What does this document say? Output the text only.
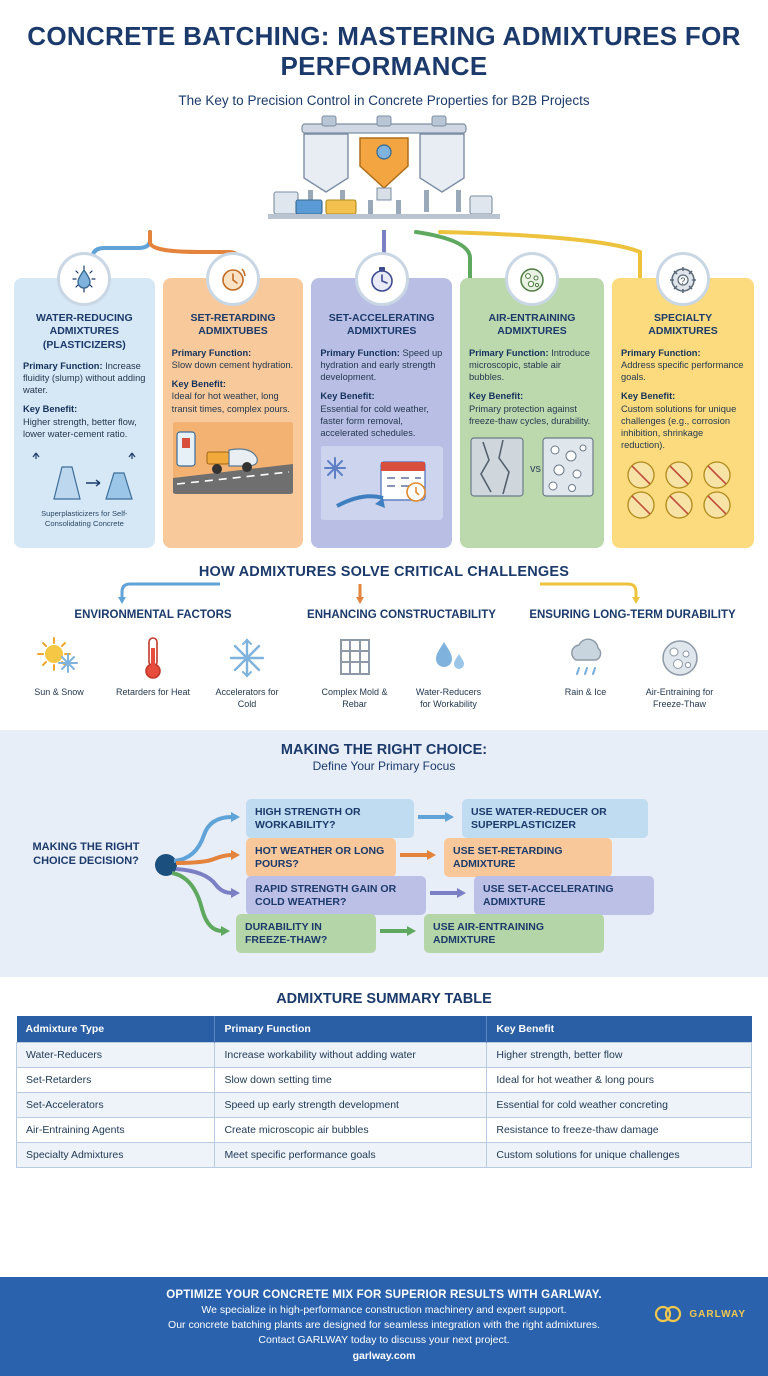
CONCRETE BATCHING: MASTERING ADMIXTURES FOR PERFORMANCE
The Key to Precision Control in Concrete Properties for B2B Projects
WATER-REDUCING ADMIXTURES (PLASTICIZERS)

Primary Function: Increase fluidity (slump) without adding water.

Key Benefit:
Higher strength, better flow, lower water-cement ratio.

Superplasticizers for Self-Consolidating Concrete
SET-RETARDING ADMIXTUBES

Primary Function:
Slow down cement hydration.

Key Benefit:
Ideal for hot weather, long transit times, complex pours.

SET-ACCELERATING ADMIXTURES

Primary Function: Speed up hydration and early strength development.

Key Benefit:
Essential for cold weather, faster form removal, accelerated schedules.

AIR-ENTRAINING ADMIXTURES

Primary Function: Introduce microscopic, stable air bubbles.

Key Benefit:
Primary protection against freeze-thaw cycles, durability.

vs
?
SPECIALTY ADMIXTURES

Primary Function:
Address specific performance goals.

Key Benefit:
Custom solutions for unique challenges (e.g., corrosion inhibition, shrinkage reduction).

HOW ADMIXTURES SOLVE CRITICAL CHALLENGES
ENVIRONMENTAL FACTORS
Sun & Snow	Retarders for Heat	Accelerators for Cold
ENHANCING CONSTRUCTABILITY
Complex Mold & Rebar
Water-Reducers for Workability
ENSURING LONG-TERM DURABILITY
Rain & Ice	Air-Entraining for Freeze-Thaw
MAKING THE RIGHT CHOICE:
Define Your Primary Focus
MAKING THE RIGHT CHOICE DECISION?
HIGH STRENGTH OR WORKABILITY?
USE WATER-REDUCER OR SUPERPLASTICIZER
HOT WEATHER OR LONG POURS?
USE SET-RETARDING ADMIXTURE
RAPID STRENGTH GAIN OR COLD WEATHER?
USE SET-ACCELERATING ADMIXTURE
DURABILITY IN FREEZE-THAW?
USE AIR-ENTRAINING ADMIXTURE
ADMIXTURE SUMMARY TABLE
Admixture Type	Primary Function	Key Benefit
Water-Reducers	Increase workability without adding water	Higher strength, better flow
Set-Retarders	Slow down setting time	Ideal for hot weather & long pours
Set-Accelerators	Speed up early strength development	Essential for cold weather concreting
Air-Entraining Agents	Create microscopic air bubbles	Resistance to freeze-thaw damage
Specialty Admixtures	Meet specific performance goals	Custom solutions for unique challenges
OPTIMIZE YOUR CONCRETE MIX FOR SUPERIOR RESULTS WITH GARLWAY.
We specialize in high-performance construction machinery and expert support.
Our concrete batching plants are designed for seamless integration with the right admixtures.
Contact GARLWAY today to discuss your next project.
garlway.com
GARLWAY
